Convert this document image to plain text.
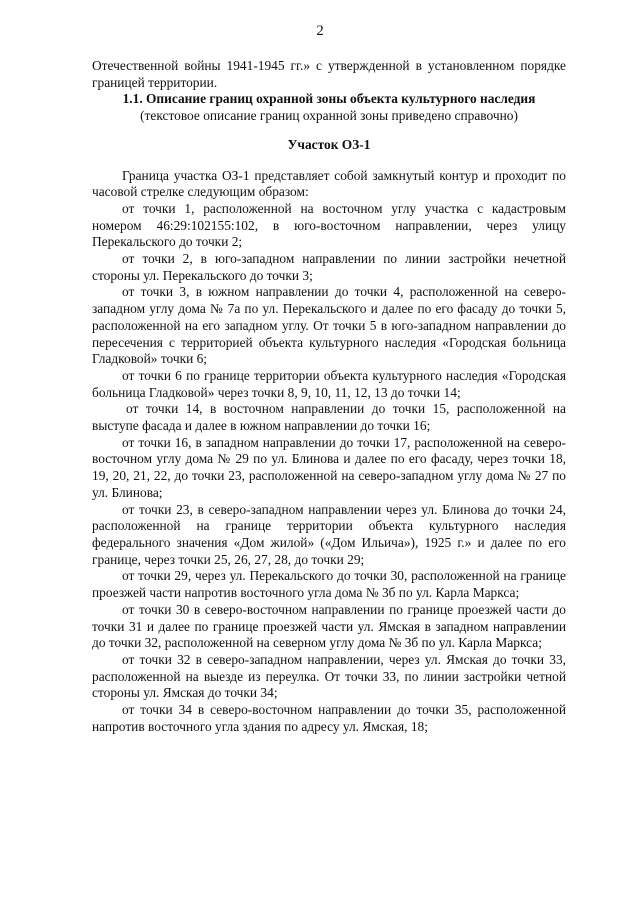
2

Отечественной войны 1941-1945 гг.» с утвержденной в установленном порядке границей территории.

1.1. Описание границ охранной зоны объекта культурного наследия

(текстовое описание границ охранной зоны приведено справочно)

Участок ОЗ-1

Граница участка ОЗ-1 представляет собой замкнутый контур и проходит по часовой стрелке следующим образом:

от точки 1, расположенной на восточном углу участка с кадастровым номером 46:29:102155:102, в юго-восточном направлении, через улицу Перекальского до точки 2;

от точки 2, в юго-западном направлении по линии застройки нечетной стороны ул. Перекальского до точки 3;

от точки 3, в южном направлении до точки 4, расположенной на северо-западном углу дома № 7а по ул. Перекальского и далее по его фасаду до точки 5, расположенной на его западном углу. От точки 5 в юго-западном направлении до пересечения с территорией объекта культурного наследия «Городская больница Гладковой» точки 6;

от точки 6 по границе территории объекта культурного наследия «Городская больница Гладковой» через точки 8, 9, 10, 11, 12, 13 до точки 14;

от точки 14, в восточном направлении до точки 15, расположенной на выступе фасада и далее в южном направлении до точки 16;

от точки 16, в западном направлении до точки 17, расположенной на северо-восточном углу дома № 29 по ул. Блинова и далее по его фасаду, через точки 18, 19, 20, 21, 22, до точки 23, расположенной на северо-западном углу дома № 27 по ул. Блинова;

от точки 23, в северо-западном направлении через ул. Блинова до точки 24, расположенной на границе территории объекта культурного наследия федерального значения «Дом жилой» («Дом Ильича»), 1925 г.» и далее по его границе, через точки 25, 26, 27, 28, до точки 29;

от точки 29, через ул. Перекальского до точки 30, расположенной на границе проезжей части напротив восточного угла дома № 3б по ул. Карла Маркса;

от точки 30 в северо-восточном направлении по границе проезжей части до точки 31 и далее по границе проезжей части ул. Ямская в западном направлении до точки 32, расположенной на северном углу дома № 3б по ул. Карла Маркса;

от точки 32 в северо-западном направлении, через ул. Ямская до точки 33, расположенной на выезде из переулка. От точки 33, по линии застройки четной стороны ул. Ямская до точки 34;

от точки 34 в северо-восточном направлении до точки 35, расположенной напротив восточного угла здания по адресу ул. Ямская, 18;
